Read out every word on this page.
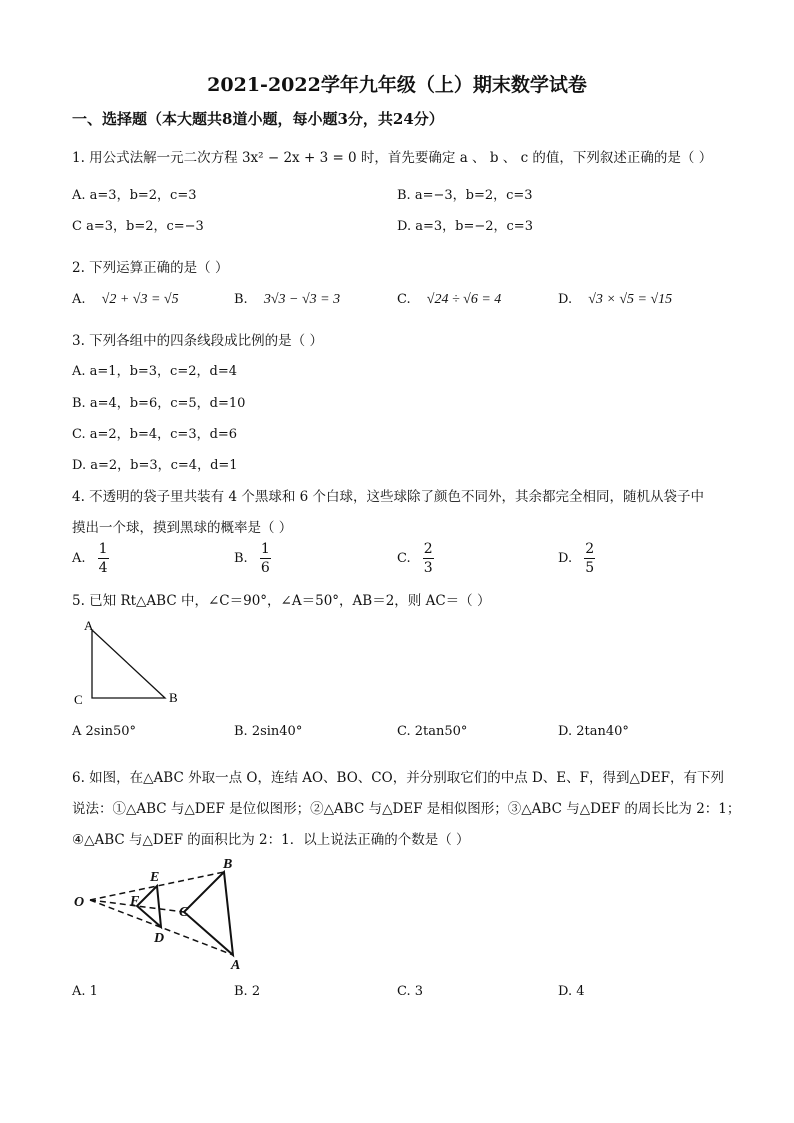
2021-2022学年九年级（上）期末数学试卷
一、选择题（本大题共8道小题，每小题3分，共24分）
1. 用公式法解一元二次方程 3x² − 2x + 3 = 0 时，首先要确定 a 、 b 、 c 的值，下列叙述正确的是（ ）
A. a=3，b=2，c=3	B. a=−3，b=2，c=3
C a=3，b=2，c=−3	D. a=3，b=−2，c=3
2. 下列运算正确的是（ ）
A. √2 + √3 = √5	B. 3√3 − √3 = 3	C. √24 ÷ √6 = 4	D. √3 × √5 = √15
3. 下列各组中的四条线段成比例的是（ ）
A. a=1，b=3，c=2，d=4
B. a=4，b=6，c=5，d=10
C. a=2，b=4，c=3，d=6
D. a=2，b=3，c=4，d=1
4. 不透明的袋子里共装有 4 个黑球和 6 个白球，这些球除了颜色不同外，其余都完全相同，随机从袋子中
摸出一个球，摸到黑球的概率是（ ）
A. $\frac{1}{4}$	B. $\frac{1}{6}$	C. $\frac{2}{3}$	D. $\frac{2}{5}$
5. 已知 Rt△ABC 中，∠C＝90°，∠A＝50°，AB＝2，则 AC＝（ ）
A
C	B
A 2sin50°	B. 2sin40°	C. 2tan50°	D. 2tan40°
6. 如图，在△ABC 外取一点 O，连结 AO、BO、CO，并分别取它们的中点 D、E、F，得到△DEF，有下列
说法：①△ABC 与△DEF 是位似图形；②△ABC 与△DEF 是相似图形；③△ABC 与△DEF 的周长比为 2：1；
④△ABC 与△DEF 的面积比为 2：1．以上说法正确的个数是（ ）
O
E
F
D
C
B
A
A. 1	B. 2	C. 3	D. 4
